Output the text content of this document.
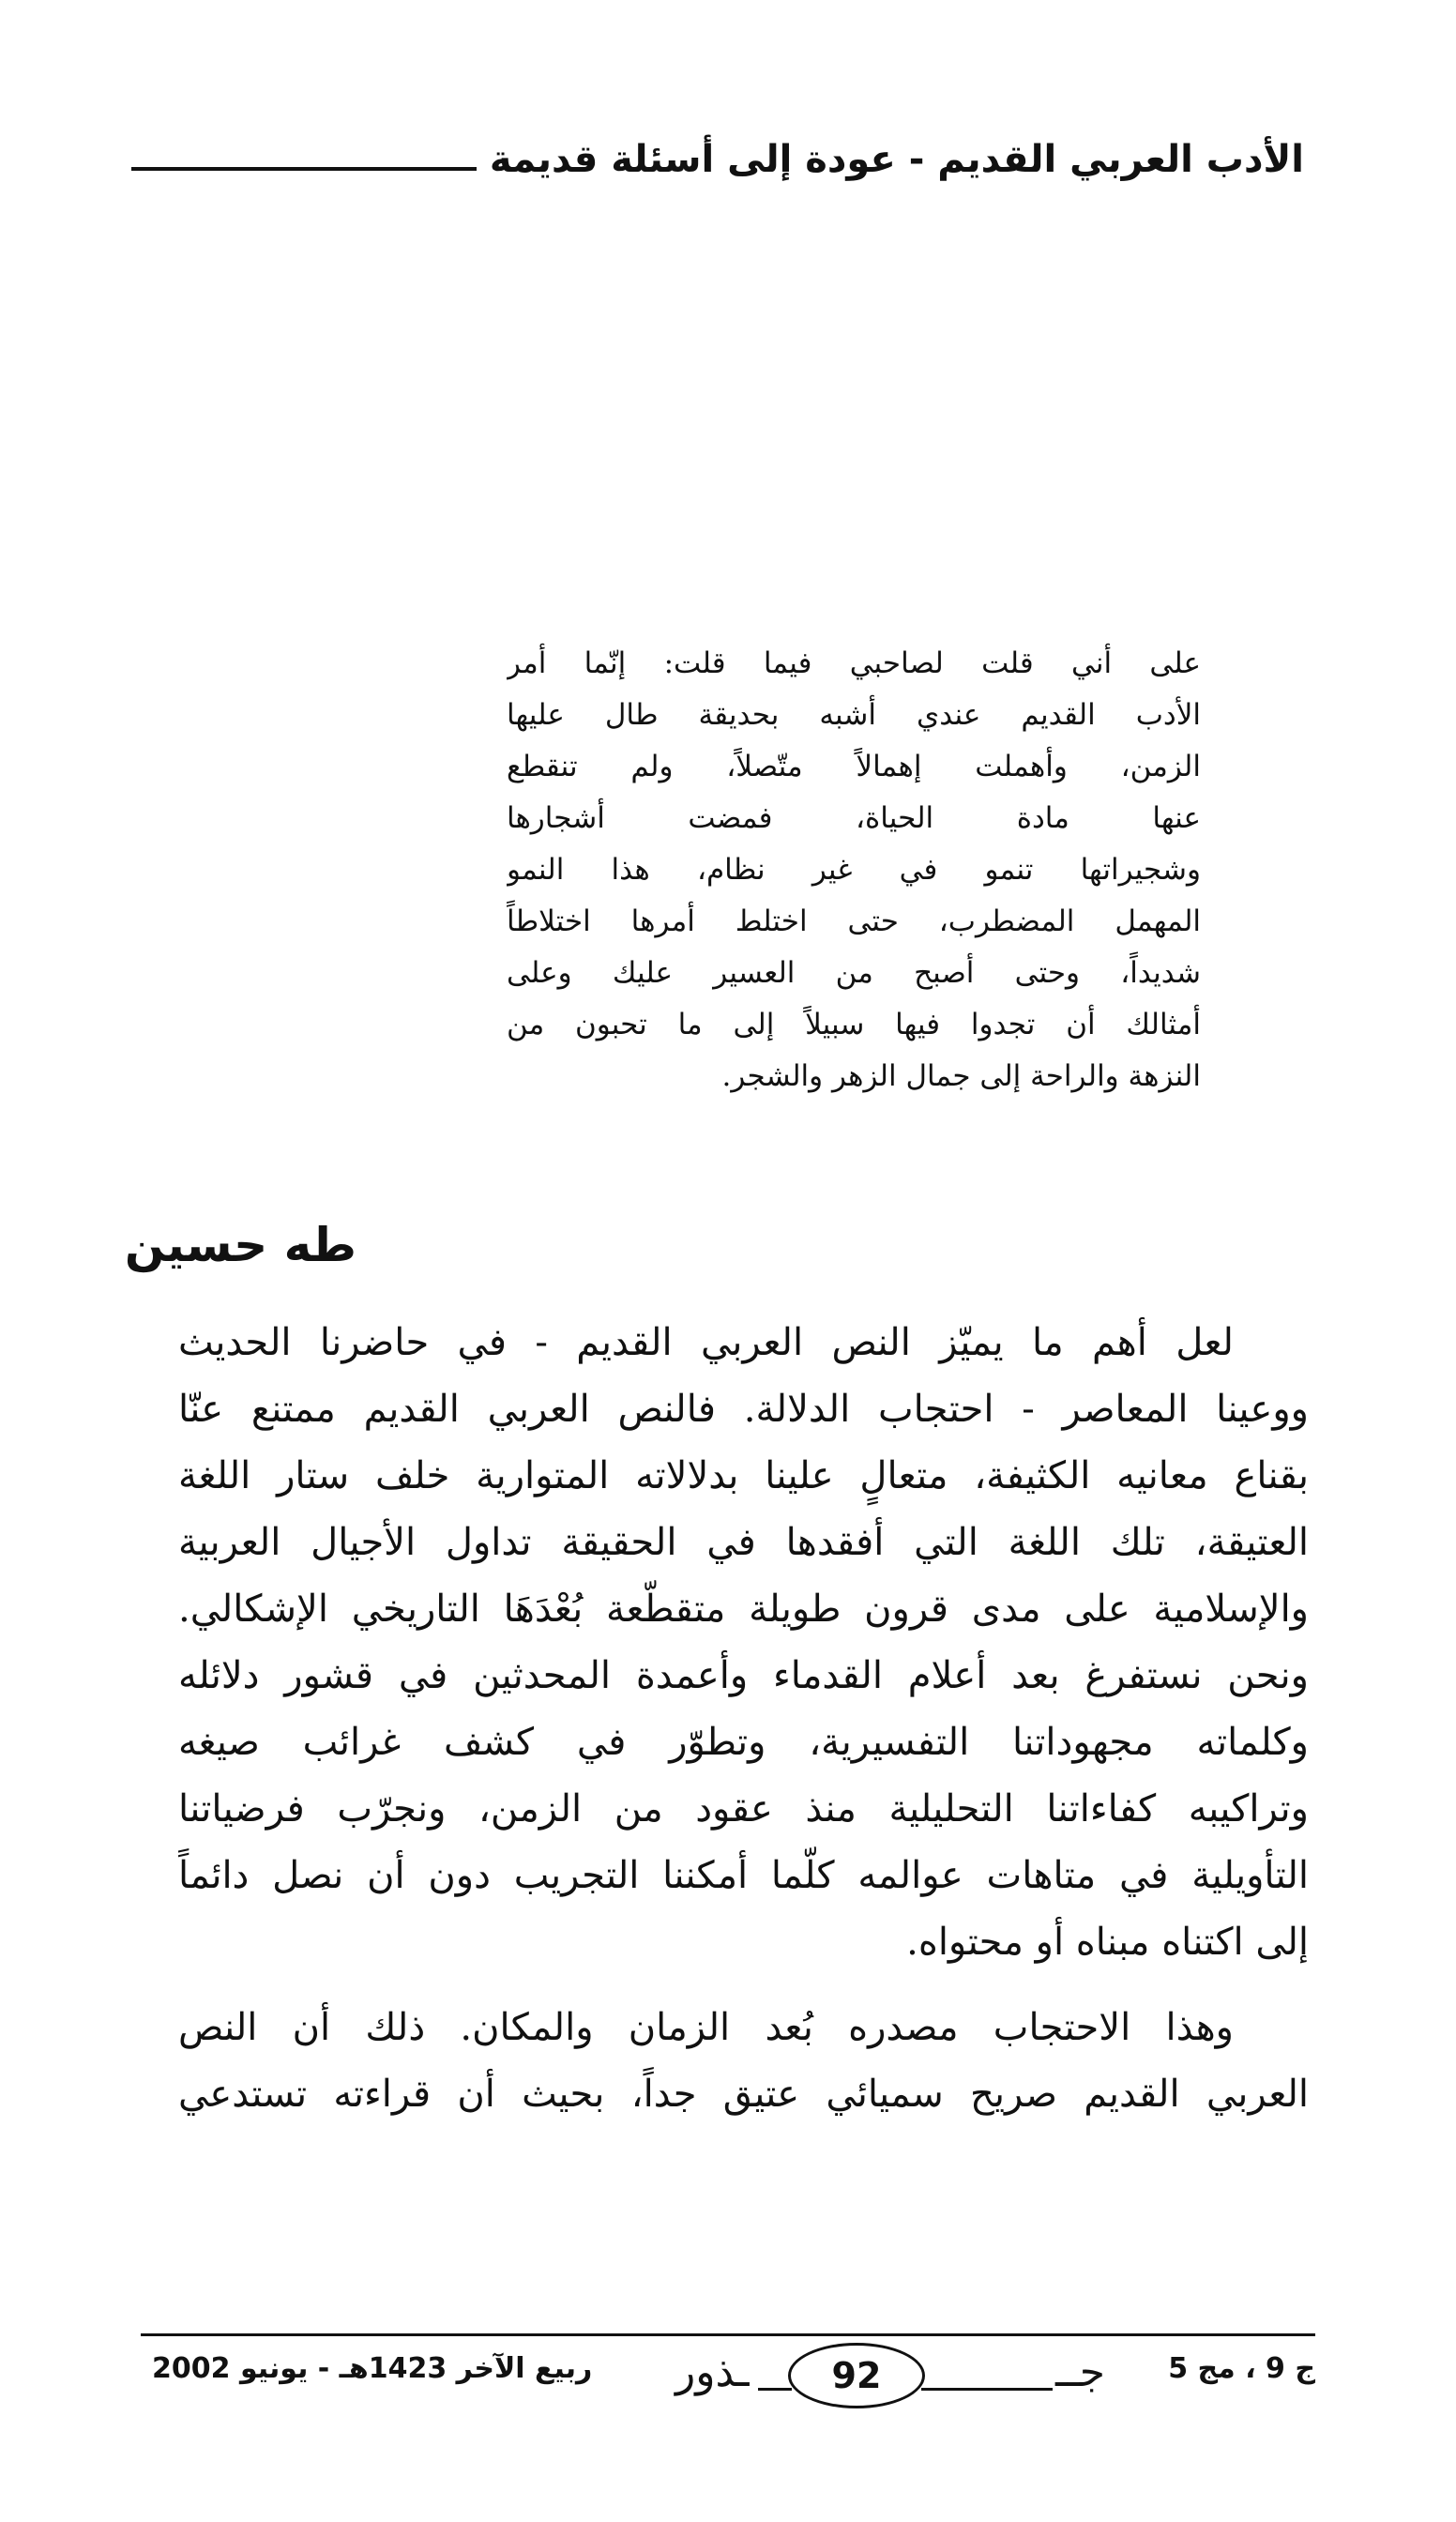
الأدب العربي القديم - عودة إلى أسئلة قديمة
على أني قلت لصاحبي فيما قلت: إنّما أمر
الأدب القديم عندي أشبه بحديقة طال عليها
الزمن، وأهملت إهمالاً متّصلاً، ولم تنقطع
عنها مادة الحياة، فمضت أشجارها
وشجيراتها تنمو في غير نظام، هذا النمو
المهمل المضطرب، حتى اختلط أمرها اختلاطاً
شديداً، وحتى أصبح من العسير عليك وعلى
أمثالك أن تجدوا فيها سبيلاً إلى ما تحبون من
النزهة والراحة إلى جمال الزهر والشجر.
طه حسين

لعل أهم ما يميّز النص العربي القديم - في حاضرنا الحديث
ووعينا المعاصر - احتجاب الدلالة. فالنص العربي القديم ممتنع عنّا
بقناع معانيه الكثيفة، متعالٍ علينا بدلالاته المتوارية خلف ستار اللغة
العتيقة، تلك اللغة التي أفقدها في الحقيقة تداول الأجيال العربية
والإسلامية على مدى قرون طويلة متقطّعة بُعْدَهَا التاريخي الإشكالي.
ونحن نستفرغ بعد أعلام القدماء وأعمدة المحدثين في قشور دلائله
وكلماته مجهوداتنا التفسيرية، وتطوّر في كشف غرائب صيغه
وتراكيبه كفاءاتنا التحليلية منذ عقود من الزمن، ونجرّب فرضياتنا
التأويلية في متاهات عوالمه كلّما أمكننا التجريب دون أن نصل دائماً
إلى اكتناه مبناه أو محتواه.

وهذا الاحتجاب مصدره بُعد الزمان والمكان. ذلك أن النص
العربي القديم صريح سميائي عتيق جداً، بحيث أن قراءته تستدعي

ربيع الآخر 1423هـ - يونيو 2002 ـذور 92	جــ ج 9 ، مج 5
